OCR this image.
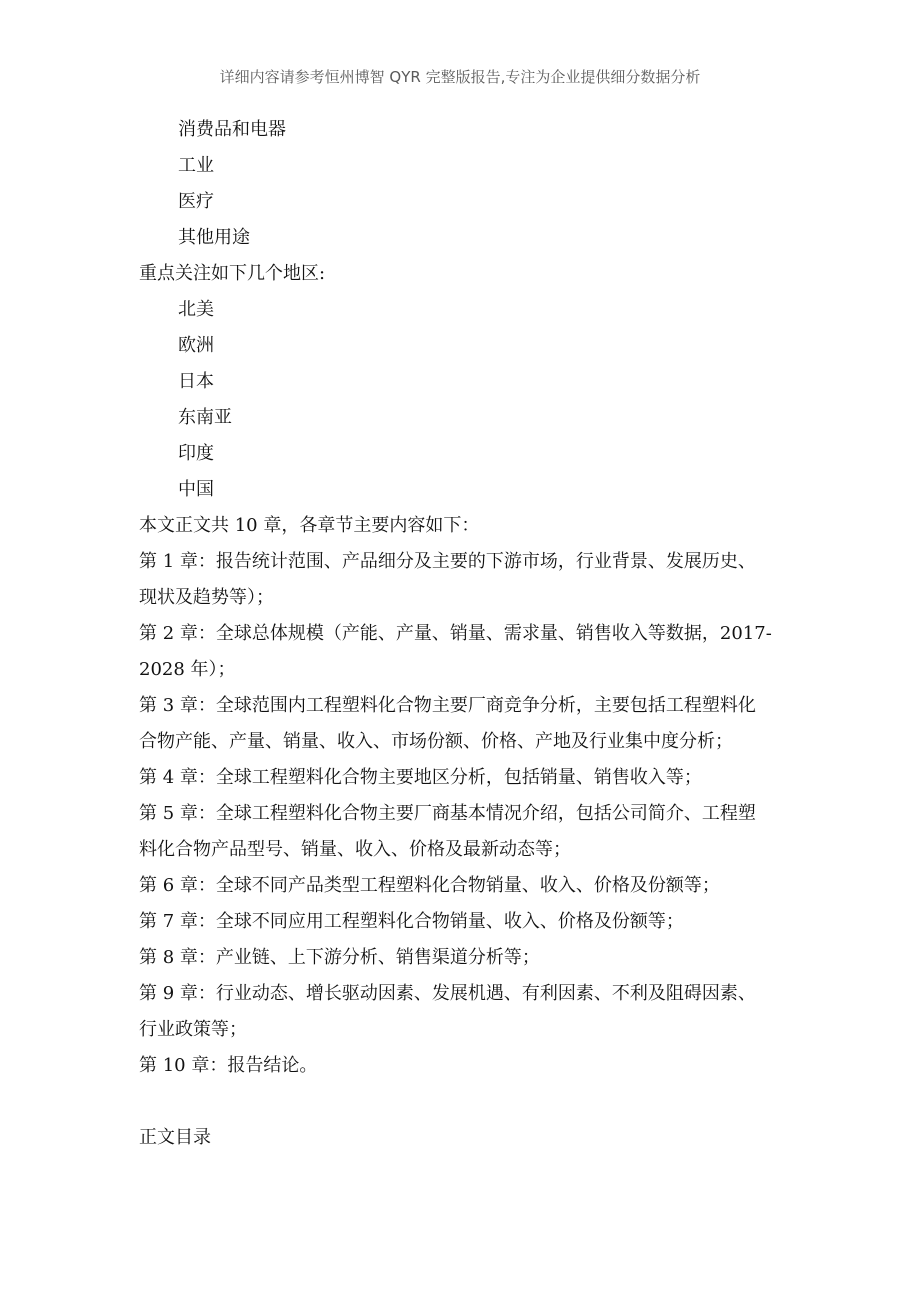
详细内容请参考恒州博智 QYR 完整版报告,专注为企业提供细分数据分析
消费品和电器
工业
医疗
其他用途
重点关注如下几个地区:
北美
欧洲
日本
东南亚
印度
中国
本文正文共 10 章，各章节主要内容如下：
第 1 章：报告统计范围、产品细分及主要的下游市场，行业背景、发展历史、
现状及趋势等）；
第 2 章：全球总体规模（产能、产量、销量、需求量、销售收入等数据，2017-
2028 年）；
第 3 章：全球范围内工程塑料化合物主要厂商竞争分析，主要包括工程塑料化
合物产能、产量、销量、收入、市场份额、价格、产地及行业集中度分析；
第 4 章：全球工程塑料化合物主要地区分析，包括销量、销售收入等；
第 5 章：全球工程塑料化合物主要厂商基本情况介绍，包括公司简介、工程塑
料化合物产品型号、销量、收入、价格及最新动态等；
第 6 章：全球不同产品类型工程塑料化合物销量、收入、价格及份额等；
第 7 章：全球不同应用工程塑料化合物销量、收入、价格及份额等；
第 8 章：产业链、上下游分析、销售渠道分析等；
第 9 章：行业动态、增长驱动因素、发展机遇、有利因素、不利及阻碍因素、
行业政策等；
第 10 章：报告结论。
正文目录
